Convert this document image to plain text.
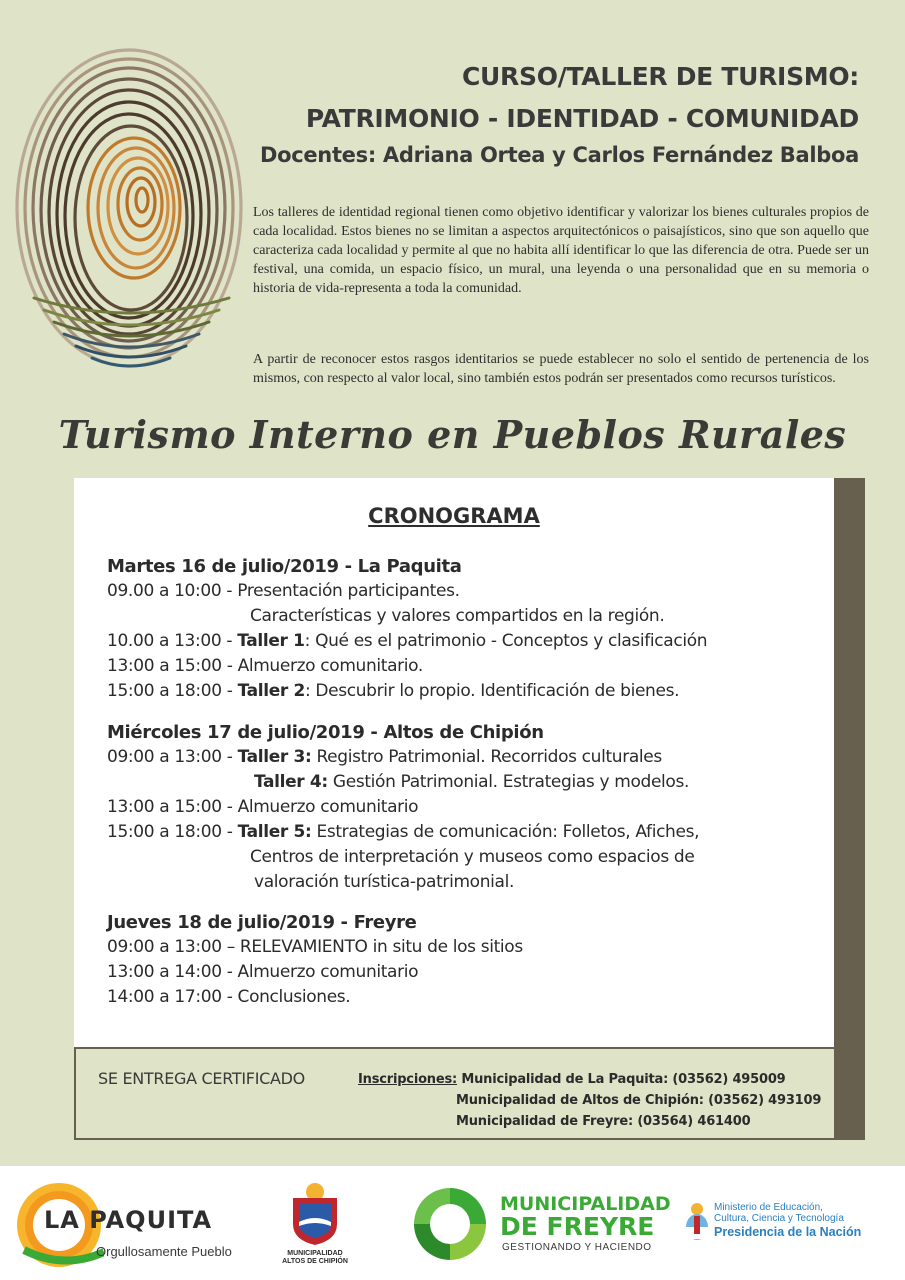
CURSO/TALLER DE TURISMO:
PATRIMONIO - IDENTIDAD - COMUNIDAD
Docentes: Adriana Ortea y Carlos Fernández Balboa

Los talleres de identidad regional tienen como objetivo identificar y valorizar los bienes culturales propios de cada localidad. Estos bienes no se limitan a aspectos arquitectónicos o paisajísticos, sino que son aquello que caracteriza cada localidad y permite al que no habita allí identificar lo que las diferencia de otra. Puede ser un festival, una comida, un espacio físico, un mural, una leyenda o una personalidad que en su memoria o historia de vida-representa a toda la comunidad.

A partir de reconocer estos rasgos identitarios se puede establecer no solo el sentido de pertenencia de los mismos, con respecto al valor local, sino también estos podrán ser presentados como recursos turísticos.

Turismo Interno en Pueblos Rurales
CRONOGRAMA
Martes 16 de julio/2019 - La Paquita
09.00 a 10:00 - Presentación participantes.
Características y valores compartidos en la región.
10.00 a 13:00 - Taller 1: Qué es el patrimonio - Conceptos y clasificación
13:00 a 15:00 - Almuerzo comunitario.
15:00 a 18:00 - Taller 2: Descubrir lo propio. Identificación de bienes.
Miércoles 17 de julio/2019 - Altos de Chipión
09:00 a 13:00 - Taller 3: Registro Patrimonial. Recorridos culturales
Taller 4: Gestión Patrimonial. Estrategias y modelos.
13:00 a 15:00 - Almuerzo comunitario
15:00 a 18:00 - Taller 5: Estrategias de comunicación: Folletos, Afiches,
Centros de interpretación y museos como espacios de
valoración turística-patrimonial.
Jueves 18 de julio/2019 - Freyre
09:00 a 13:00 – RELEVAMIENTO in situ de los sitios
13:00 a 14:00 - Almuerzo comunitario
14:00 a 17:00 - Conclusiones.
SE ENTREGA CERTIFICADO	Inscripciones: Municipalidad de La Paquita: (03562) 495009
Municipalidad de Altos de Chipión: (03562) 493109
Municipalidad de Freyre: (03564) 461400
LA PAQUITA
Orgullosamente Pueblo	MUNICIPALIDAD
ALTOS DE CHIPIÓN
MUNICIPALIDAD
DE FREYRE
GESTIONANDO Y HACIENDO
Ministerio de Educación,
Cultura, Ciencia y Tecnología
Presidencia de la Nación
